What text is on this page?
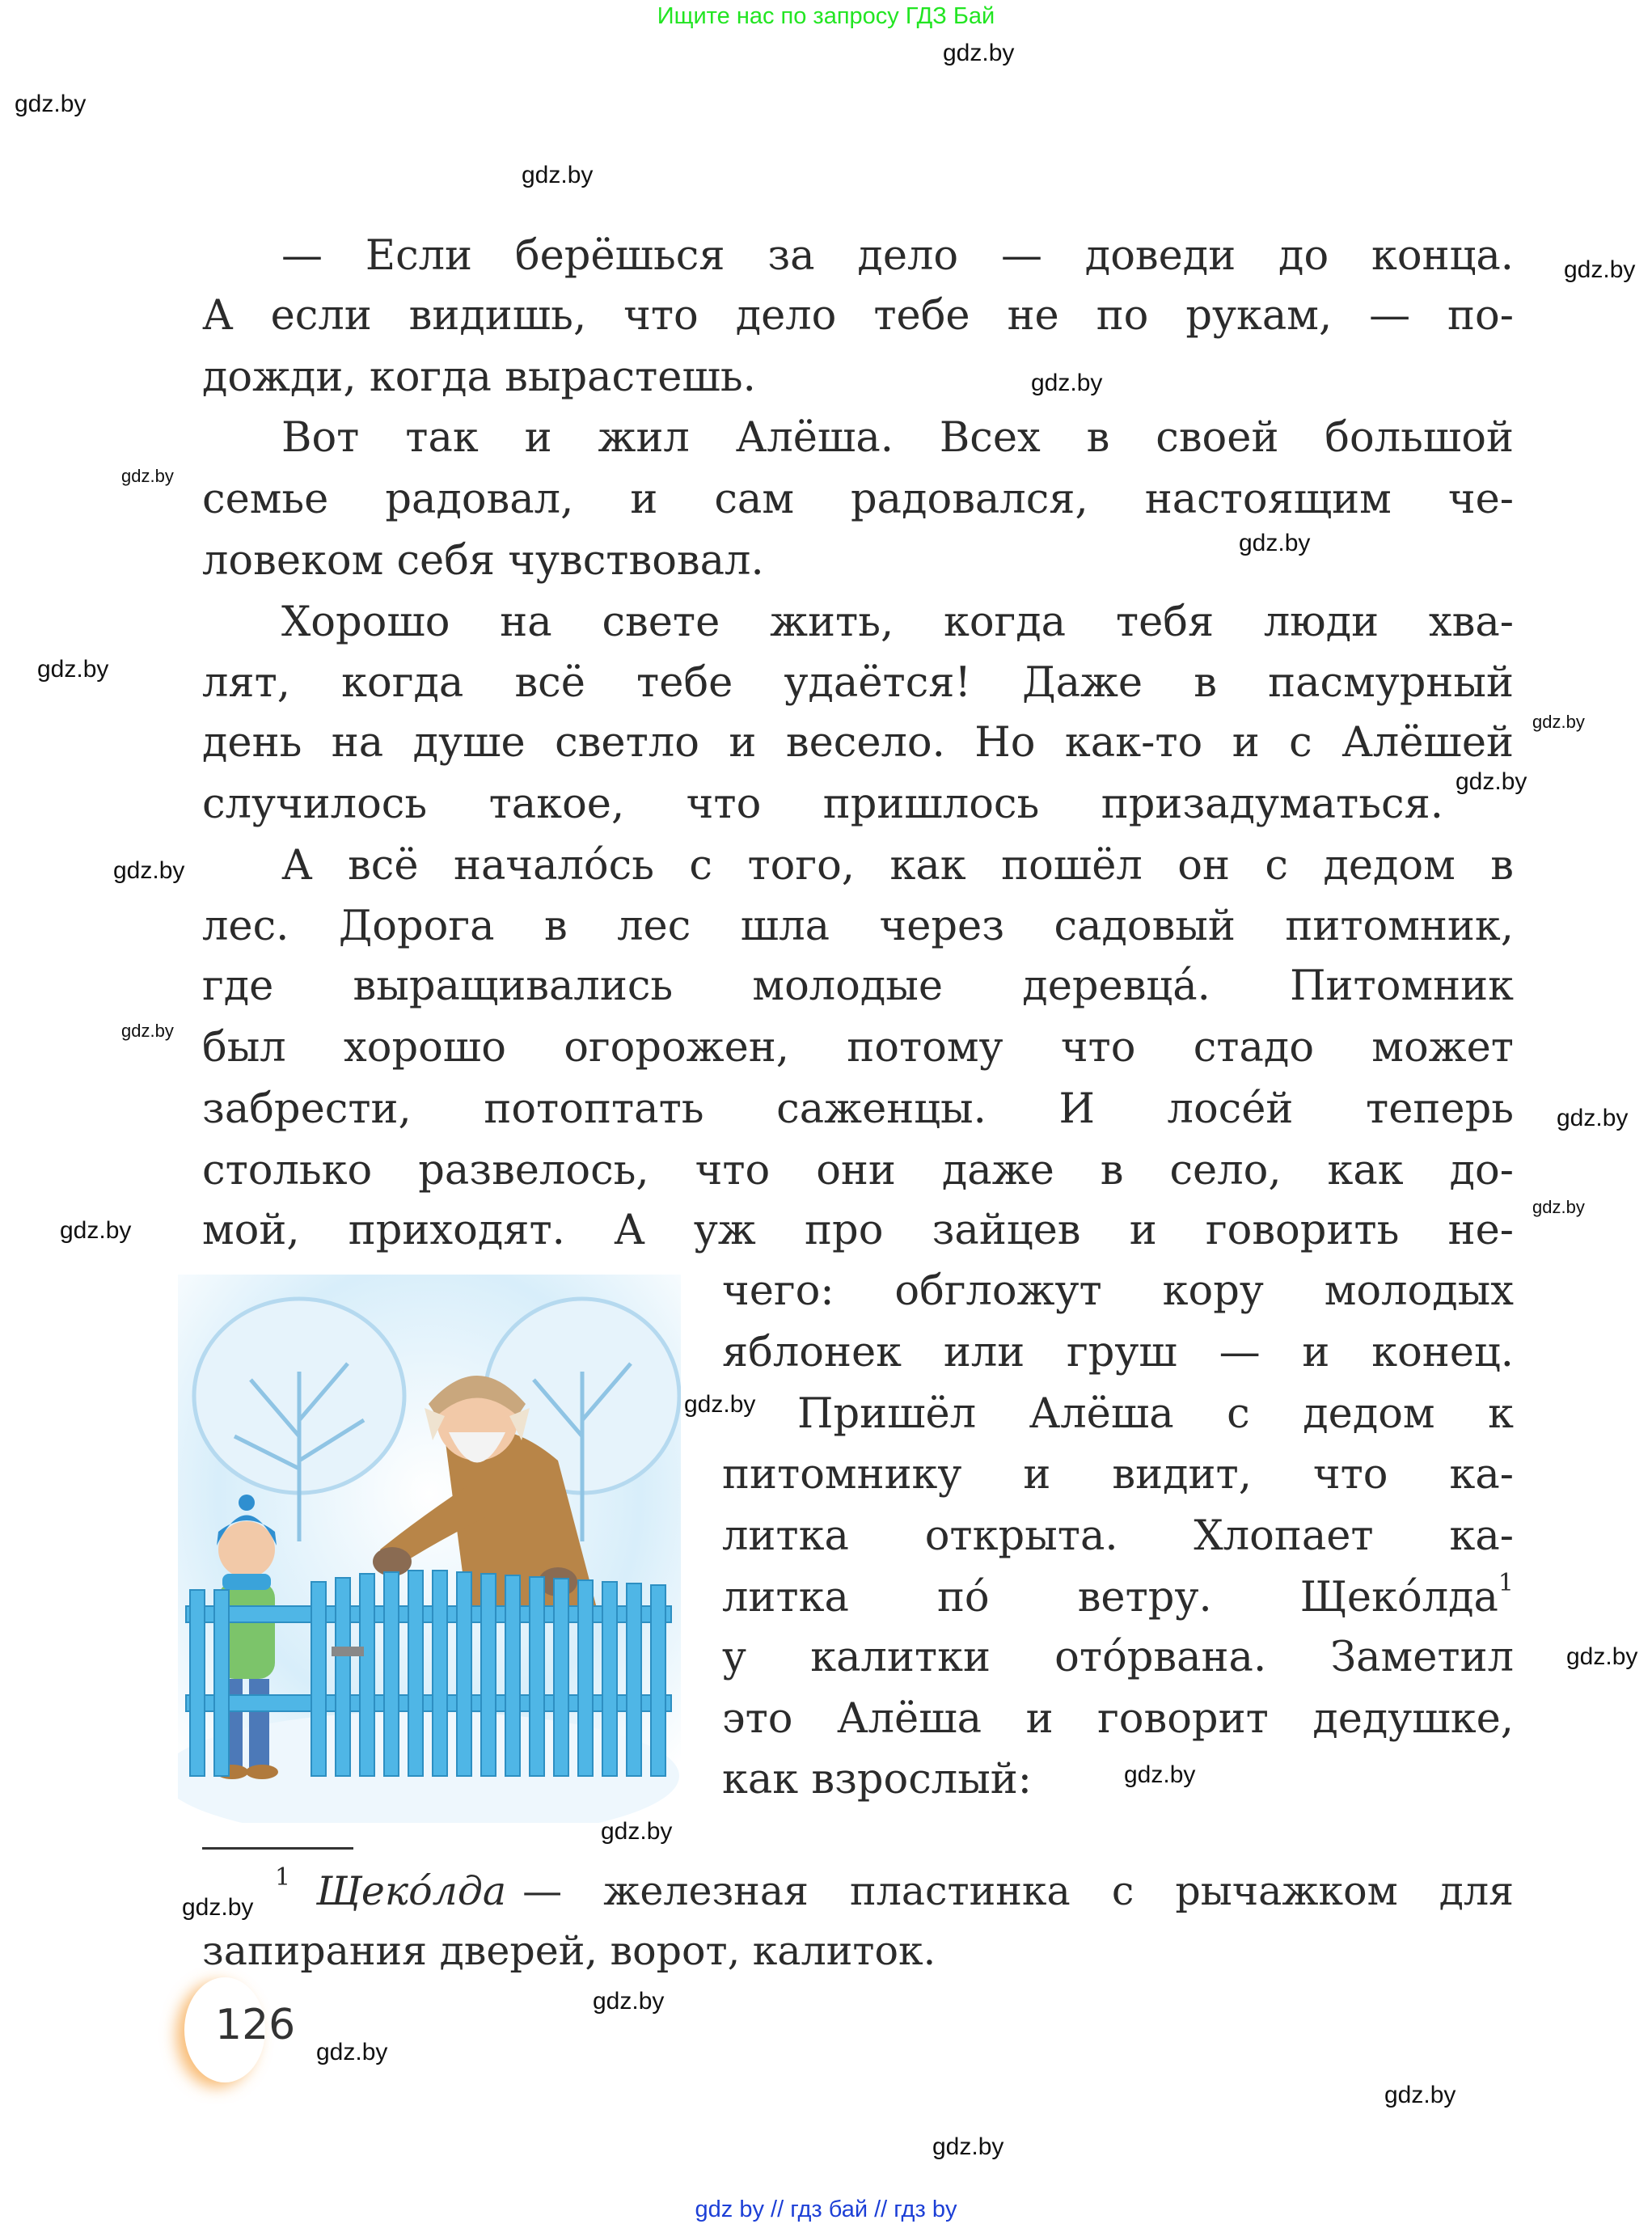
Ищите нас по запросу ГДЗ Бай
— Если берёшься за дело — доведи до конца.
А если видишь, что дело тебе не по рукам, — по-
дожди, когда вырастешь.
Вот так и жил Алёша. Всех в своей большой
семье радовал, и сам радовался, настоящим че-
ловеком себя чувствовал.
Хорошо на свете жить, когда тебя люди хва-
лят, когда всё тебе удаётся! Даже в пасмурный
день на душе светло и весело. Но как-то и с Алёшей
случилось такое, что пришлось призадуматься.
А всё начало́сь с того, как пошёл он с дедом в
лес. Дорога в лес шла через садовый питомник,
где выращивались молодые деревца́. Питомник
был хорошо огорожен, потому что стадо может
забрести, потоптать саженцы. И лосе́й теперь
столько развелось, что они даже в село, как до-
мой, приходят. А уж про зайцев и говорить не-
чего: обгложут кору молодых
яблонек или груш — и конец.
Пришёл Алёша с дедом к
питомнику и видит, что ка-
литка открыта. Хлопает ка-
литка по́ ветру. Щеко́лда 1
у калитки ото́рвана. Заметил
это Алёша и говорит дедушке,
как взрослый:
$^1$ Щеко́лда — железная пластинка с рычажком для
запирания дверей, ворот, калиток.
126
gdz.by
gdz.by
gdz.by
gdz.by
gdz.by
gdz.by
gdz.by
gdz.by
gdz.by
gdz.by
gdz.by
gdz.by
gdz.by
gdz.by
gdz.by
gdz.by
gdz.by
gdz.by
gdz.by
gdz.by
gdz.by
gdz.by
gdz.by
gdz.by
gdz by // гдз бай // гдз by
